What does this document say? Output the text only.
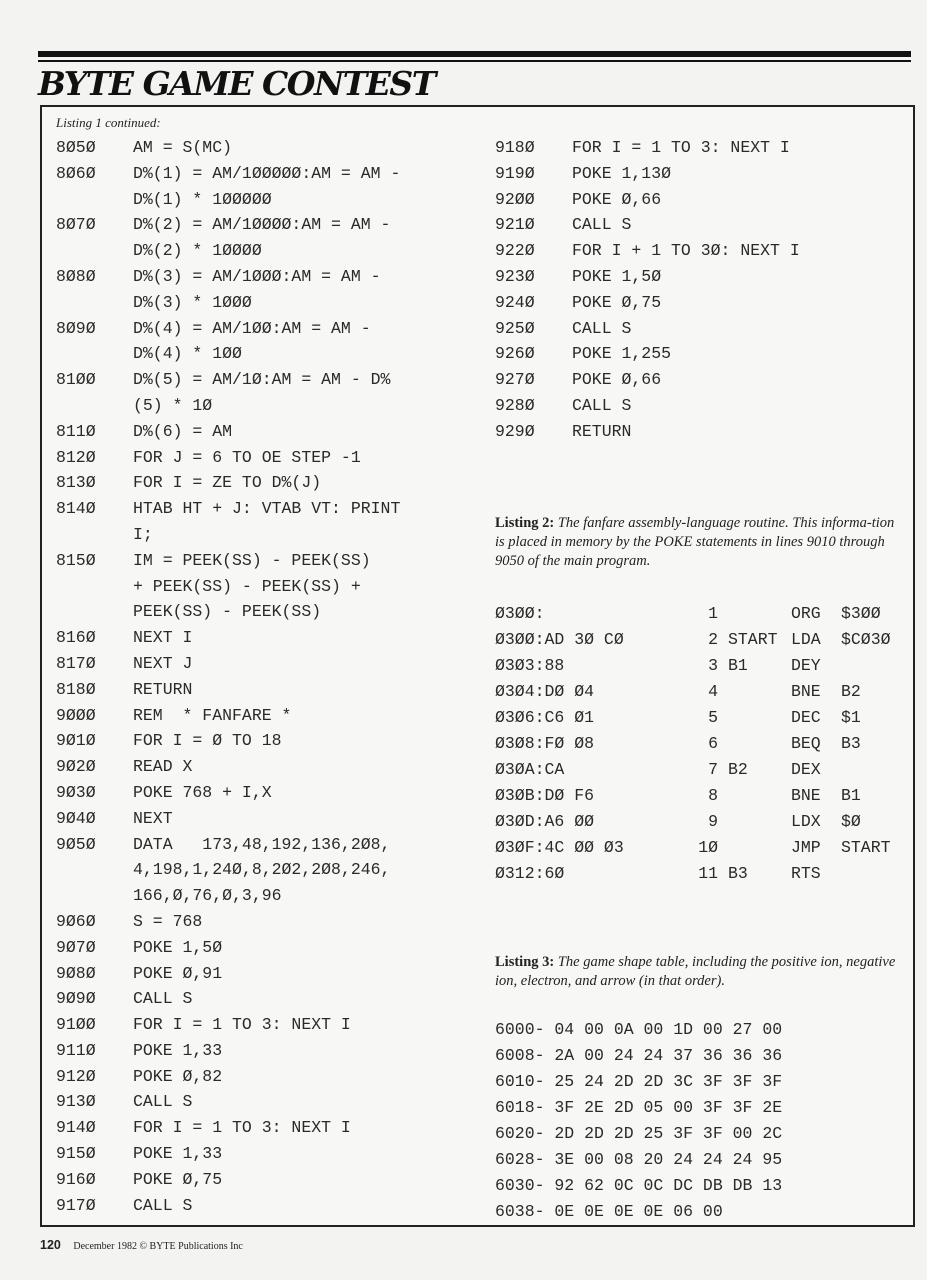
BYTE GAME CONTEST
Listing 1 continued:
8Ø5Ø	AM = S(MC)
8Ø6Ø	D%(1) = AM/1ØØØØØ:AM = AM -
D%(1) * 1ØØØØØ
8Ø7Ø	D%(2) = AM/1ØØØØ:AM = AM -
D%(2) * 1ØØØØ
8Ø8Ø	D%(3) = AM/1ØØØ:AM = AM -
D%(3) * 1ØØØ
8Ø9Ø	D%(4) = AM/1ØØ:AM = AM -
D%(4) * 1ØØ
81ØØ	D%(5) = AM/1Ø:AM = AM - D%
(5) * 1Ø
811Ø	D%(6) = AM
812Ø	FOR J = 6 TO OE STEP -1
813Ø	FOR I = ZE TO D%(J)
814Ø	HTAB HT + J: VTAB VT: PRINT
I;
815Ø	IM = PEEK(SS) - PEEK(SS)
+ PEEK(SS) - PEEK(SS) +
PEEK(SS) - PEEK(SS)
816Ø	NEXT I
817Ø	NEXT J
818Ø	RETURN
9ØØØ	REM  * FANFARE *
9Ø1Ø	FOR I = Ø TO 18
9Ø2Ø	READ X
9Ø3Ø	POKE 768 + I,X
9Ø4Ø	NEXT
9Ø5Ø	DATA   173,48,192,136,2Ø8,
4,198,1,24Ø,8,2Ø2,2Ø8,246,
166,Ø,76,Ø,3,96
9Ø6Ø	S = 768
9Ø7Ø	POKE 1,5Ø
9Ø8Ø	POKE Ø,91
9Ø9Ø	CALL S
91ØØ	FOR I = 1 TO 3: NEXT I
911Ø	POKE 1,33
912Ø	POKE Ø,82
913Ø	CALL S
914Ø	FOR I = 1 TO 3: NEXT I
915Ø	POKE 1,33
916Ø	POKE Ø,75
917Ø	CALL S
918Ø	FOR I = 1 TO 3: NEXT I
919Ø	POKE 1,13Ø
92ØØ	POKE Ø,66
921Ø	CALL S
922Ø	FOR I + 1 TO 3Ø: NEXT I
923Ø	POKE 1,5Ø
924Ø	POKE Ø,75
925Ø	CALL S
926Ø	POKE 1,255
927Ø	POKE Ø,66
928Ø	CALL S
929Ø	RETURN
Listing 2: The fanfare assembly-language routine. This informa-tion is placed in memory by the POKE statements in lines 9010 through 9050 of the main program.
Ø3ØØ:	1	ORG	$3ØØ
Ø3ØØ:AD 3Ø CØ	2 START LDA	$CØ3Ø
Ø3Ø3:88	3 B1	DEY
Ø3Ø4:DØ Ø4	4	BNE	B2
Ø3Ø6:C6 Ø1	5	DEC	$1
Ø3Ø8:FØ Ø8	6	BEQ	B3
Ø3ØA:CA	7 B2	DEX
Ø3ØB:DØ F6	8	BNE	B1
Ø3ØD:A6 ØØ	9	LDX	$Ø
Ø3ØF:4C ØØ Ø3	1Ø	JMP	START
Ø312:6Ø	11 B3	RTS
Listing 3: The game shape table, including the positive ion, negative ion, electron, and arrow (in that order).
6000- 04 00 0A 00 1D 00 27 00
6008- 2A 00 24 24 37 36 36 36
6010- 25 24 2D 2D 3C 3F 3F 3F
6018- 3F 2E 2D 05 00 3F 3F 2E
6020- 2D 2D 2D 25 3F 3F 00 2C
6028- 3E 00 08 20 24 24 24 95
6030- 92 62 0C 0C DC DB DB 13
6038- 0E 0E 0E 0E 06 00
120 December 1982 © BYTE Publications Inc
